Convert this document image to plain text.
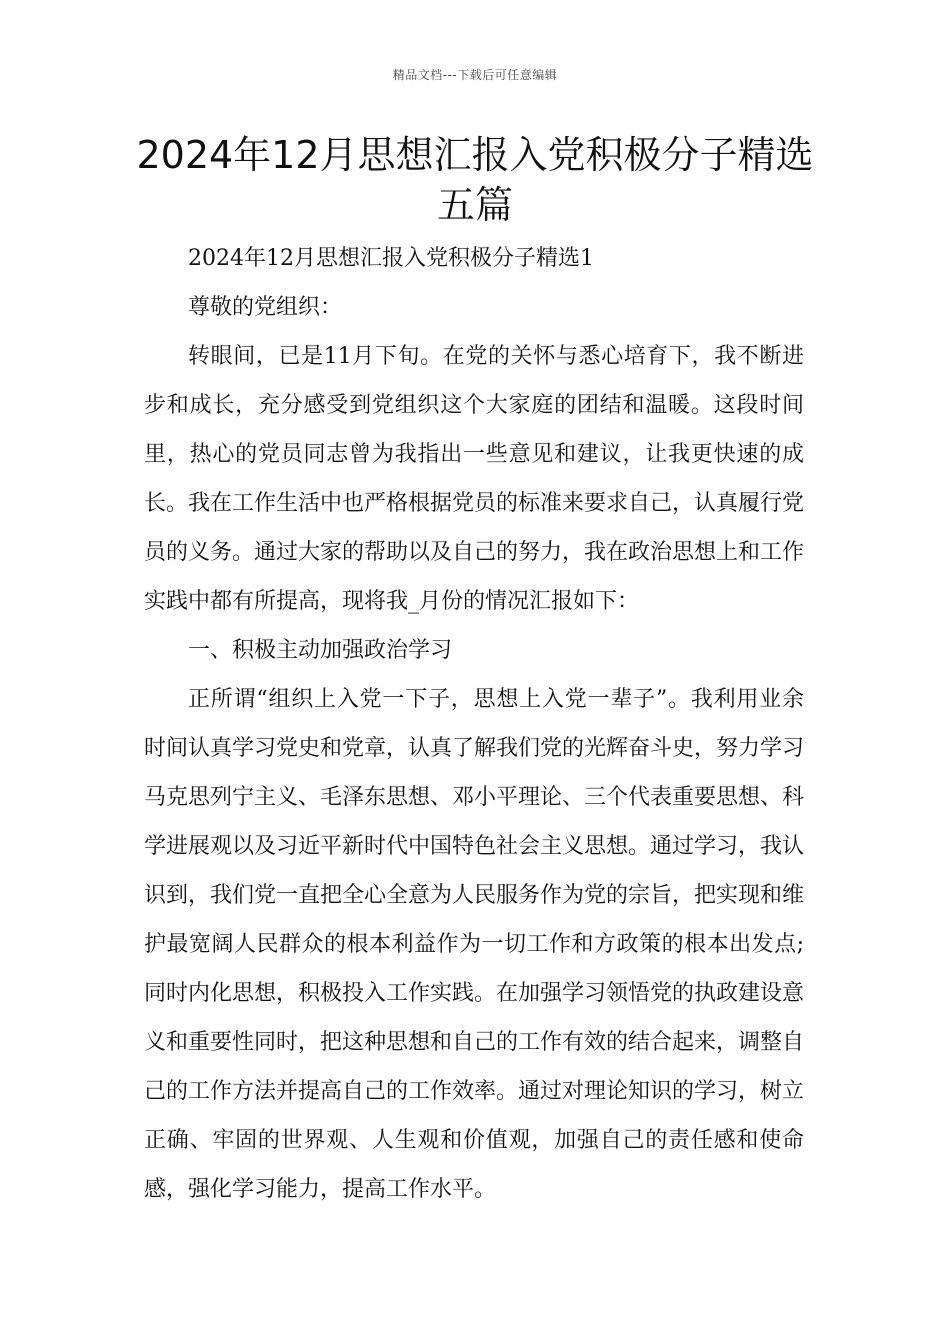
精品文档---下载后可任意编辑
2024年12月思想汇报入党积极分子精选五篇

2024年12月思想汇报入党积极分子精选1

尊敬的党组织：

转眼间，已是11月下旬。在党的关怀与悉心培育下，我不断进步和成长，充分感受到党组织这个大家庭的团结和温暖。这段时间里，热心的党员同志曾为我指出一些意见和建议，让我更快速的成长。我在工作生活中也严格根据党员的标准来要求自己，认真履行党员的义务。通过大家的帮助以及自己的努力，我在政治思想上和工作实践中都有所提高，现将我_月份的情况汇报如下：

一、积极主动加强政治学习

正所谓“组织上入党一下子，思想上入党一辈子”。我利用业余时间认真学习党史和党章，认真了解我们党的光辉奋斗史，努力学习马克思列宁主义、毛泽东思想、邓小平理论、三个代表重要思想、科学进展观以及习近平新时代中国特色社会主义思想。通过学习，我认识到，我们党一直把全心全意为人民服务作为党的宗旨，把实现和维护最宽阔人民群众的根本利益作为一切工作和方政策的根本出发点;同时内化思想，积极投入工作实践。在加强学习领悟党的执政建设意义和重要性同时，把这种思想和自己的工作有效的结合起来，调整自己的工作方法并提高自己的工作效率。通过对理论知识的学习，树立正确、牢固的世界观、人生观和价值观，加强自己的责任感和使命感，强化学习能力，提高工作水平。
